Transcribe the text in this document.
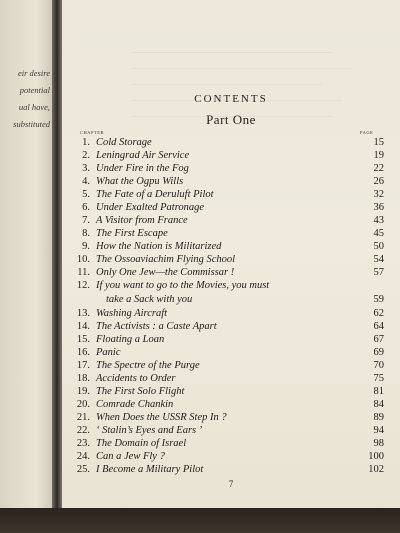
eir desire
potential
ual have,
substituted
CONTENTS
Part One
CHAPTER	PAGE
1. Cold Storage	15
2. Leningrad Air Service	19
3. Under Fire in the Fog	22
4. What the Ogpu Wills	26
5. The Fate of a Deruluft Pilot	32
6. Under Exalted Patronage	36
7. A Visitor from France	43
8. The First Escape	45
9. How the Nation is Militarized	50
10. The Ossoaviachim Flying School	54
11. Only One Jew—the Commissar !	57
12. If you want to go to the Movies, you must
take a Sack with you	59
13. Washing Aircraft	62
14. The Activists : a Caste Apart	64
15. Floating a Loan	67
16. Panic	69
17. The Spectre of the Purge	70
18. Accidents to Order	75
19. The First Solo Flight	81
20. Comrade Chankin	84
21. When Does the USSR Step In ?	89
22. ‘ Stalin’s Eyes and Ears ’	94
23. The Domain of Israel	98
24. Can a Jew Fly ?	100
25. I Become a Military Pilot	102
7
